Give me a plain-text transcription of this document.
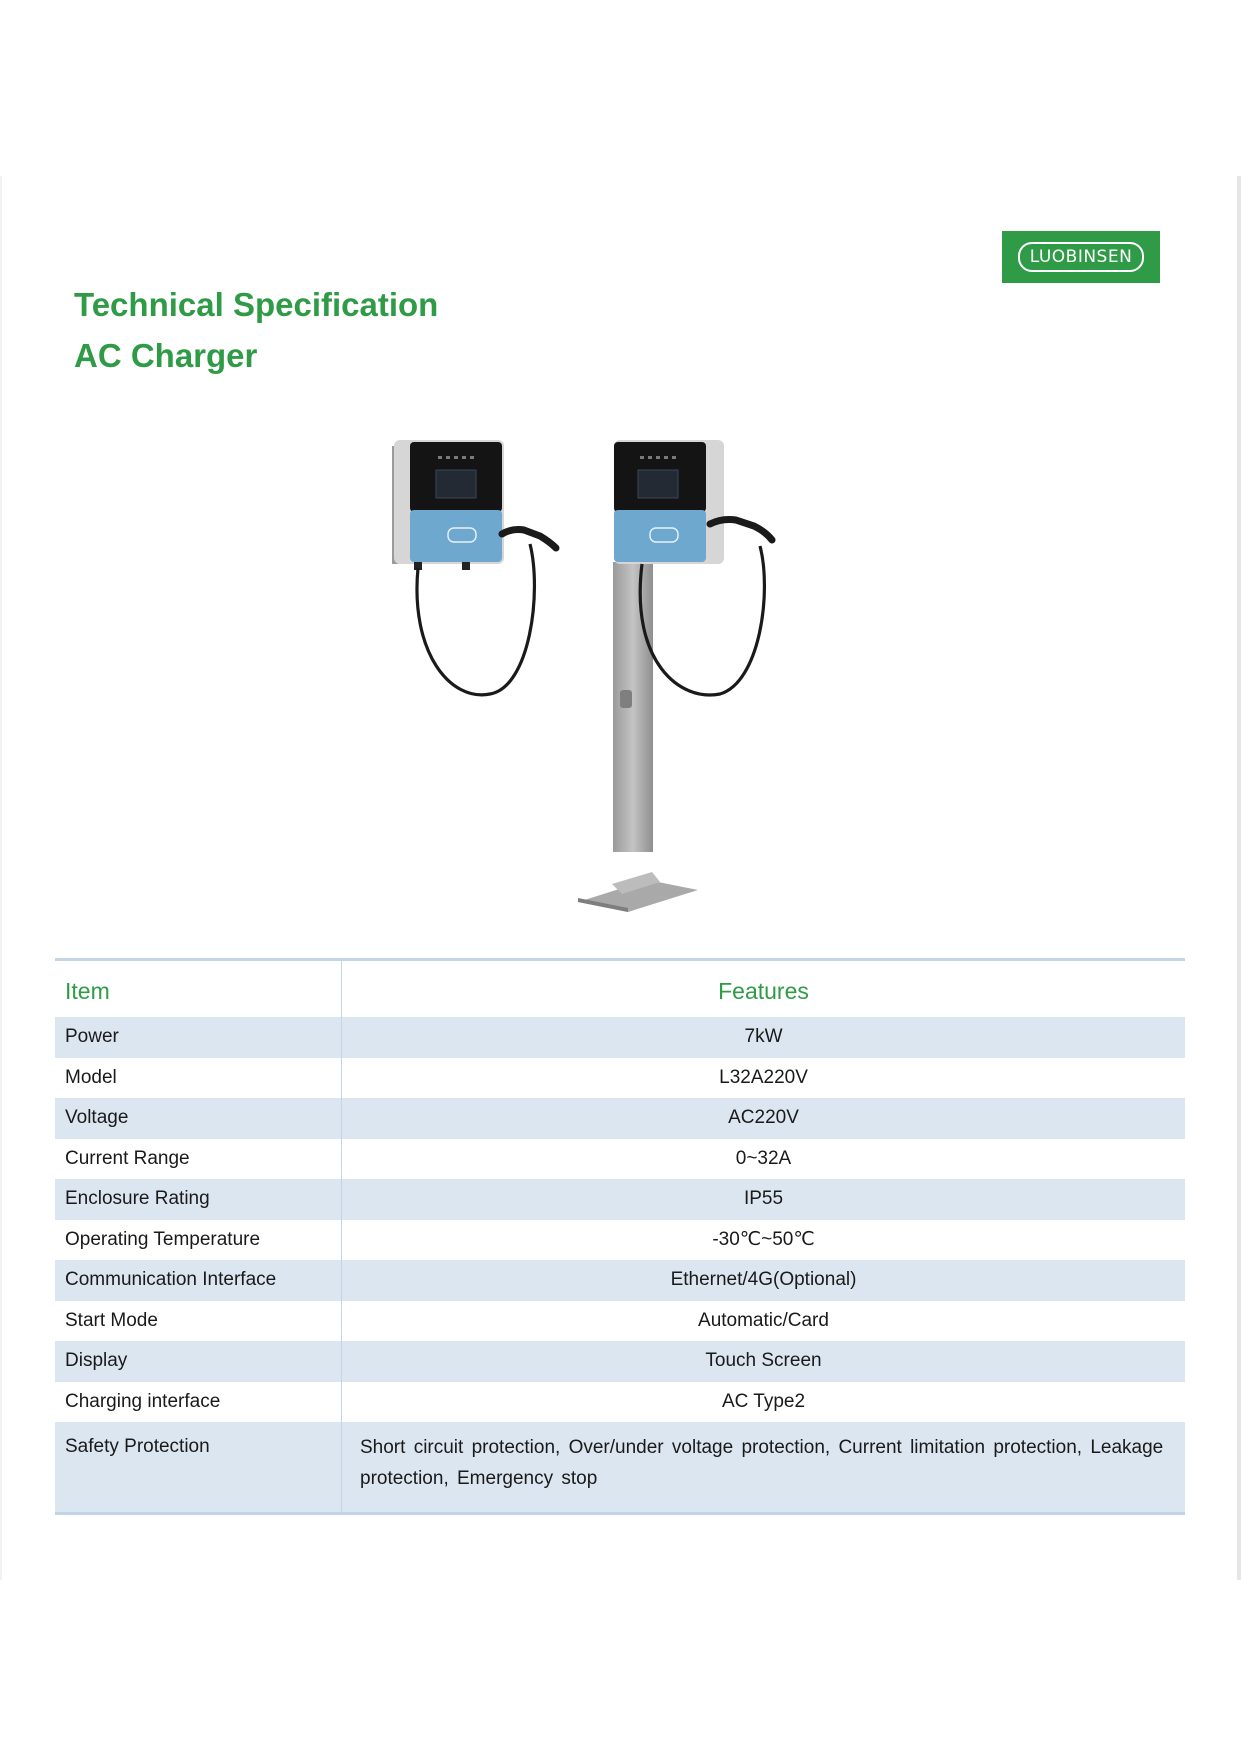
LUOBINSEN
Technical Specification
AC Charger
Item	Features
Power	7kW
Model	L32A220V
Voltage	AC220V
Current Range	0~32A
Enclosure Rating	IP55
Operating Temperature	-30℃~50℃
Communication Interface	Ethernet/4G(Optional)
Start Mode	Automatic/Card
Display	Touch Screen
Charging interface	AC Type2
Safety Protection	Short circuit protection, Over/under voltage protection, Current limitation protection, Leakage protection, Emergency stop
